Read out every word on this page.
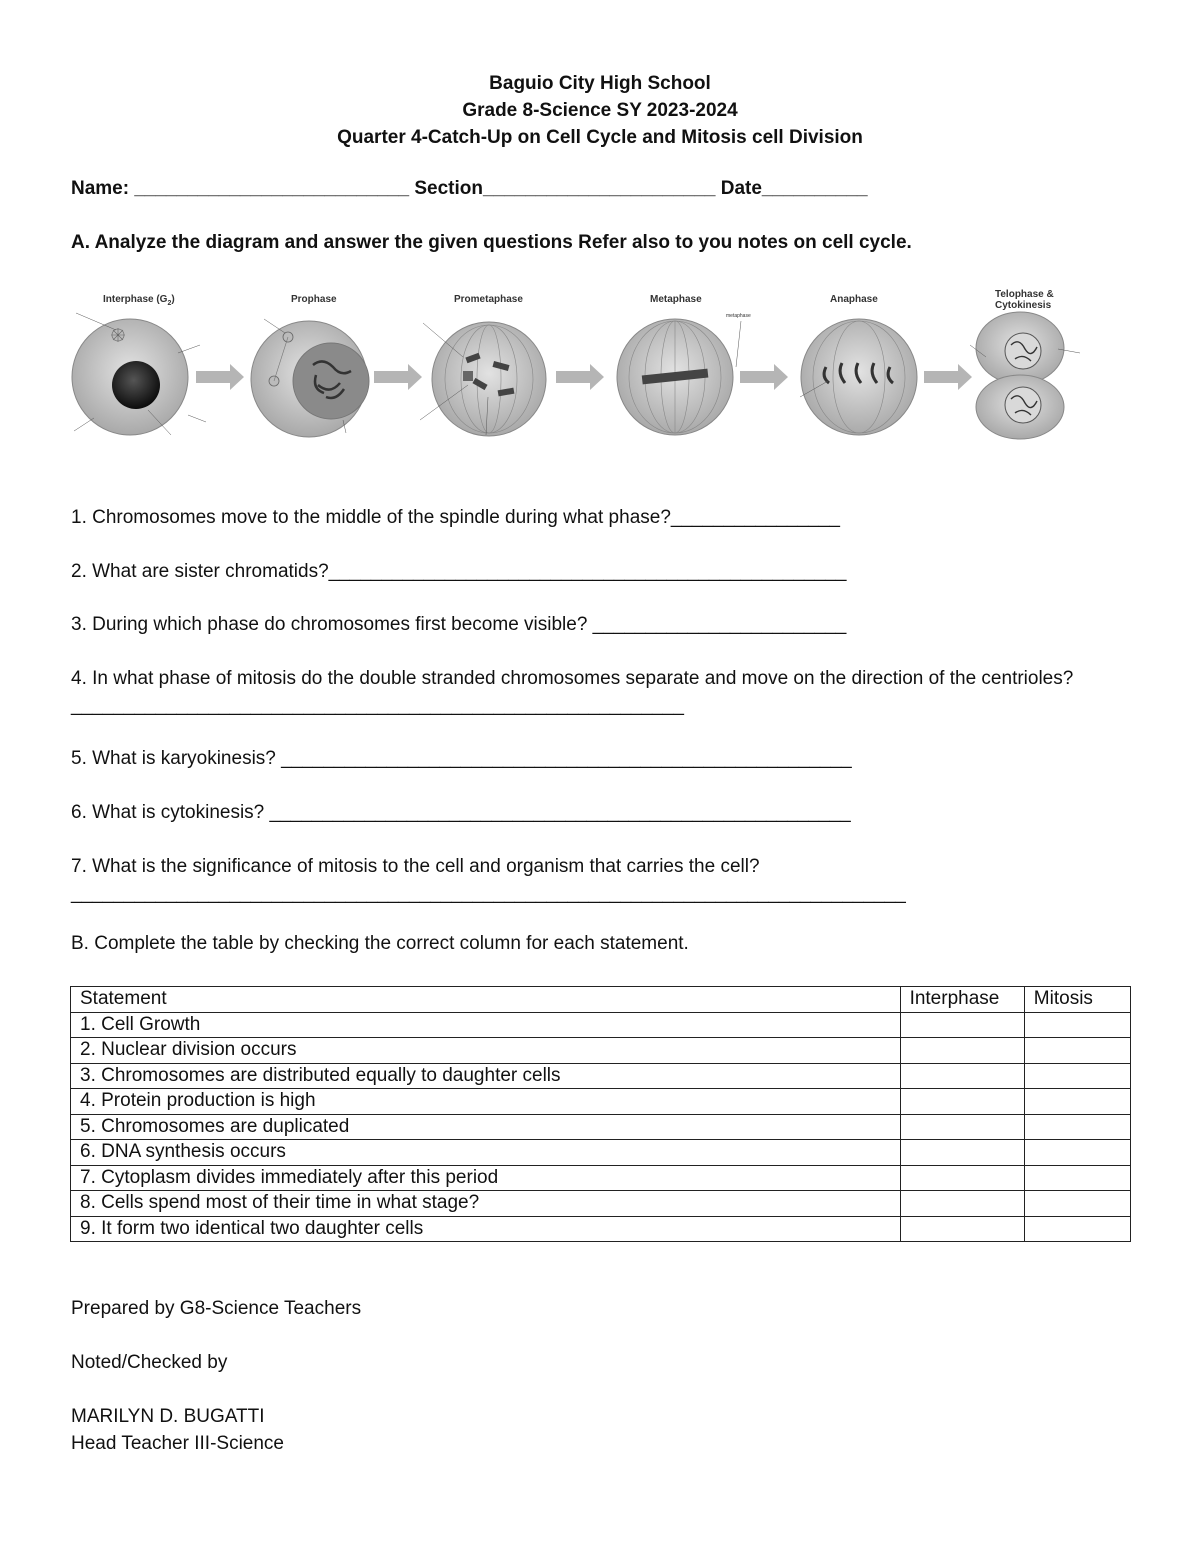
Baguio City High School
Grade 8-Science SY 2023-2024
Quarter 4-Catch-Up on Cell Cycle and Mitosis cell Division
Name: __________________________ Section______________________ Date__________
A. Analyze the diagram and answer the given questions Refer also to you notes on cell cycle.
Interphase $(G_2)$	Prophase	Prometaphase	Metaphase	Anaphase	Telophase &
Cytokinesis
metaphase
1. Chromosomes move to the middle of the spindle during what phase?________________
2. What are sister chromatids?_________________________________________________
3. During which phase do chromosomes first become visible? ________________________
4. In what phase of mitosis do the double stranded chromosomes separate and move on the direction of the centrioles?__________________________________________________________
5. What is karyokinesis? ______________________________________________________
6. What is cytokinesis? _______________________________________________________
7. What is the significance of mitosis to the cell and organism that carries the cell?
_______________________________________________________________________________
B. Complete the table by checking the correct column for each statement.
Statement	Interphase	Mitosis
1. Cell Growth		
2. Nuclear division occurs		
3. Chromosomes are distributed equally to daughter cells		
4. Protein production is high		
5. Chromosomes are duplicated		
6. DNA synthesis occurs		
7. Cytoplasm divides immediately after this period		
8. Cells spend most of their time in what stage?		
9. It form two identical two daughter cells		
Prepared by G8-Science Teachers
Noted/Checked by
MARILYN D. BUGATTI
Head Teacher III-Science
